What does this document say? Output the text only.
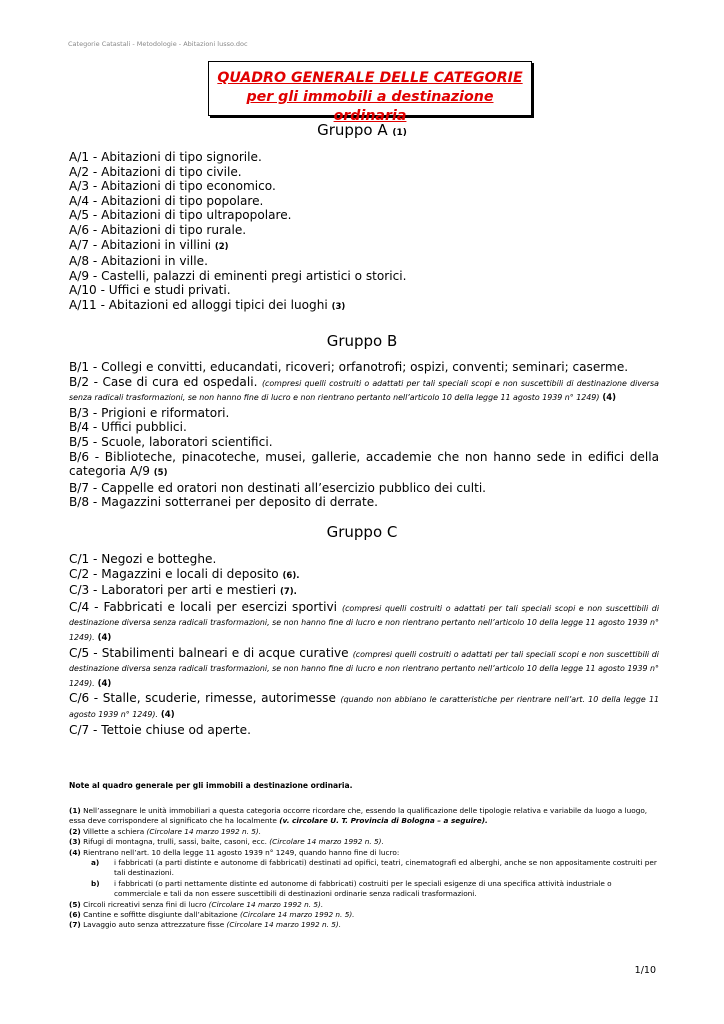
Categorie Catastali - Metodologie - Abitazioni lusso.doc
QUADRO GENERALE DELLE CATEGORIE
per gli immobili a destinazione ordinaria
Gruppo A (1)
A/1 - Abitazioni di tipo signorile.
A/2 - Abitazioni di tipo civile.
A/3 - Abitazioni di tipo economico.
A/4 - Abitazioni di tipo popolare.
A/5 - Abitazioni di tipo ultrapopolare.
A/6 - Abitazioni di tipo rurale.
A/7 - Abitazioni in villini (2)
A/8 - Abitazioni in ville.
A/9 - Castelli, palazzi di eminenti pregi artistici o storici.
A/10 - Uffici e studi privati.
A/11 - Abitazioni ed alloggi tipici dei luoghi (3)
Gruppo B
B/1 - Collegi e convitti, educandati, ricoveri; orfanotrofi; ospizi, conventi; seminari; caserme.
B/2 - Case di cura ed ospedali. (compresi quelli costruiti o adattati per tali speciali scopi e non suscettibili di destinazione diversa senza radicali trasformazioni, se non hanno fine di lucro e non rientrano pertanto nell’articolo 10 della legge 11 agosto 1939 n° 1249) (4)
B/3 - Prigioni e riformatori.
B/4 - Uffici pubblici.
B/5 - Scuole, laboratori scientifici.
B/6 - Biblioteche, pinacoteche, musei, gallerie, accademie che non hanno sede in edifici della categoria A/9 (5)
B/7 - Cappelle ed oratori non destinati all’esercizio pubblico dei culti.
B/8 - Magazzini sotterranei per deposito di derrate.
Gruppo C
C/1 - Negozi e botteghe.
C/2 - Magazzini e locali di deposito (6).
C/3 - Laboratori per arti e mestieri (7).
C/4 - Fabbricati e locali per esercizi sportivi (compresi quelli costruiti o adattati per tali speciali scopi e non suscettibili di destinazione diversa senza radicali trasformazioni, se non hanno fine di lucro e non rientrano pertanto nell’articolo 10 della legge 11 agosto 1939 n° 1249). (4)
C/5 - Stabilimenti balneari e di acque curative (compresi quelli costruiti o adattati per tali speciali scopi e non suscettibili di destinazione diversa senza radicali trasformazioni, se non hanno fine di lucro e non rientrano pertanto nell’articolo 10 della legge 11 agosto 1939 n° 1249). (4)
C/6 - Stalle, scuderie, rimesse, autorimesse (quando non abbiano le caratteristiche per rientrare nell’art. 10 della legge 11 agosto 1939 n° 1249). (4)
C/7 - Tettoie chiuse od aperte.
Note al quadro generale per gli immobili a destinazione ordinaria.

(1) Nell’assegnare le unità immobiliari a questa categoria occorre ricordare che, essendo la qualificazione delle tipologie relativa e variabile da luogo a luogo, essa deve corrispondere al significato che ha localmente (v. circolare U. T. Provincia di Bologna – a seguire).

(2) Villette a schiera (Circolare 14 marzo 1992 n. 5).

(3) Rifugi di montagna, trulli, sassi, baite, casoni, ecc. (Circolare 14 marzo 1992 n. 5).

(4) Rientrano nell’art. 10 della legge 11 agosto 1939 n° 1249, quando hanno fine di lucro:

a) i fabbricati (a parti distinte e autonome di fabbricati) destinati ad opifici, teatri, cinematografi ed alberghi, anche se non appositamente costruiti per tali destinazioni.

b) i fabbricati (o parti nettamente distinte ed autonome di fabbricati) costruiti per le speciali esigenze di una specifica attività industriale o commerciale e tali da non essere suscettibili di destinazioni ordinarie senza radicali trasformazioni.

(5) Circoli ricreativi senza fini di lucro (Circolare 14 marzo 1992 n. 5).

(6) Cantine e soffitte disgiunte dall’abitazione (Circolare 14 marzo 1992 n. 5).

(7) Lavaggio auto senza attrezzature fisse (Circolare 14 marzo 1992 n. 5).

1/10
